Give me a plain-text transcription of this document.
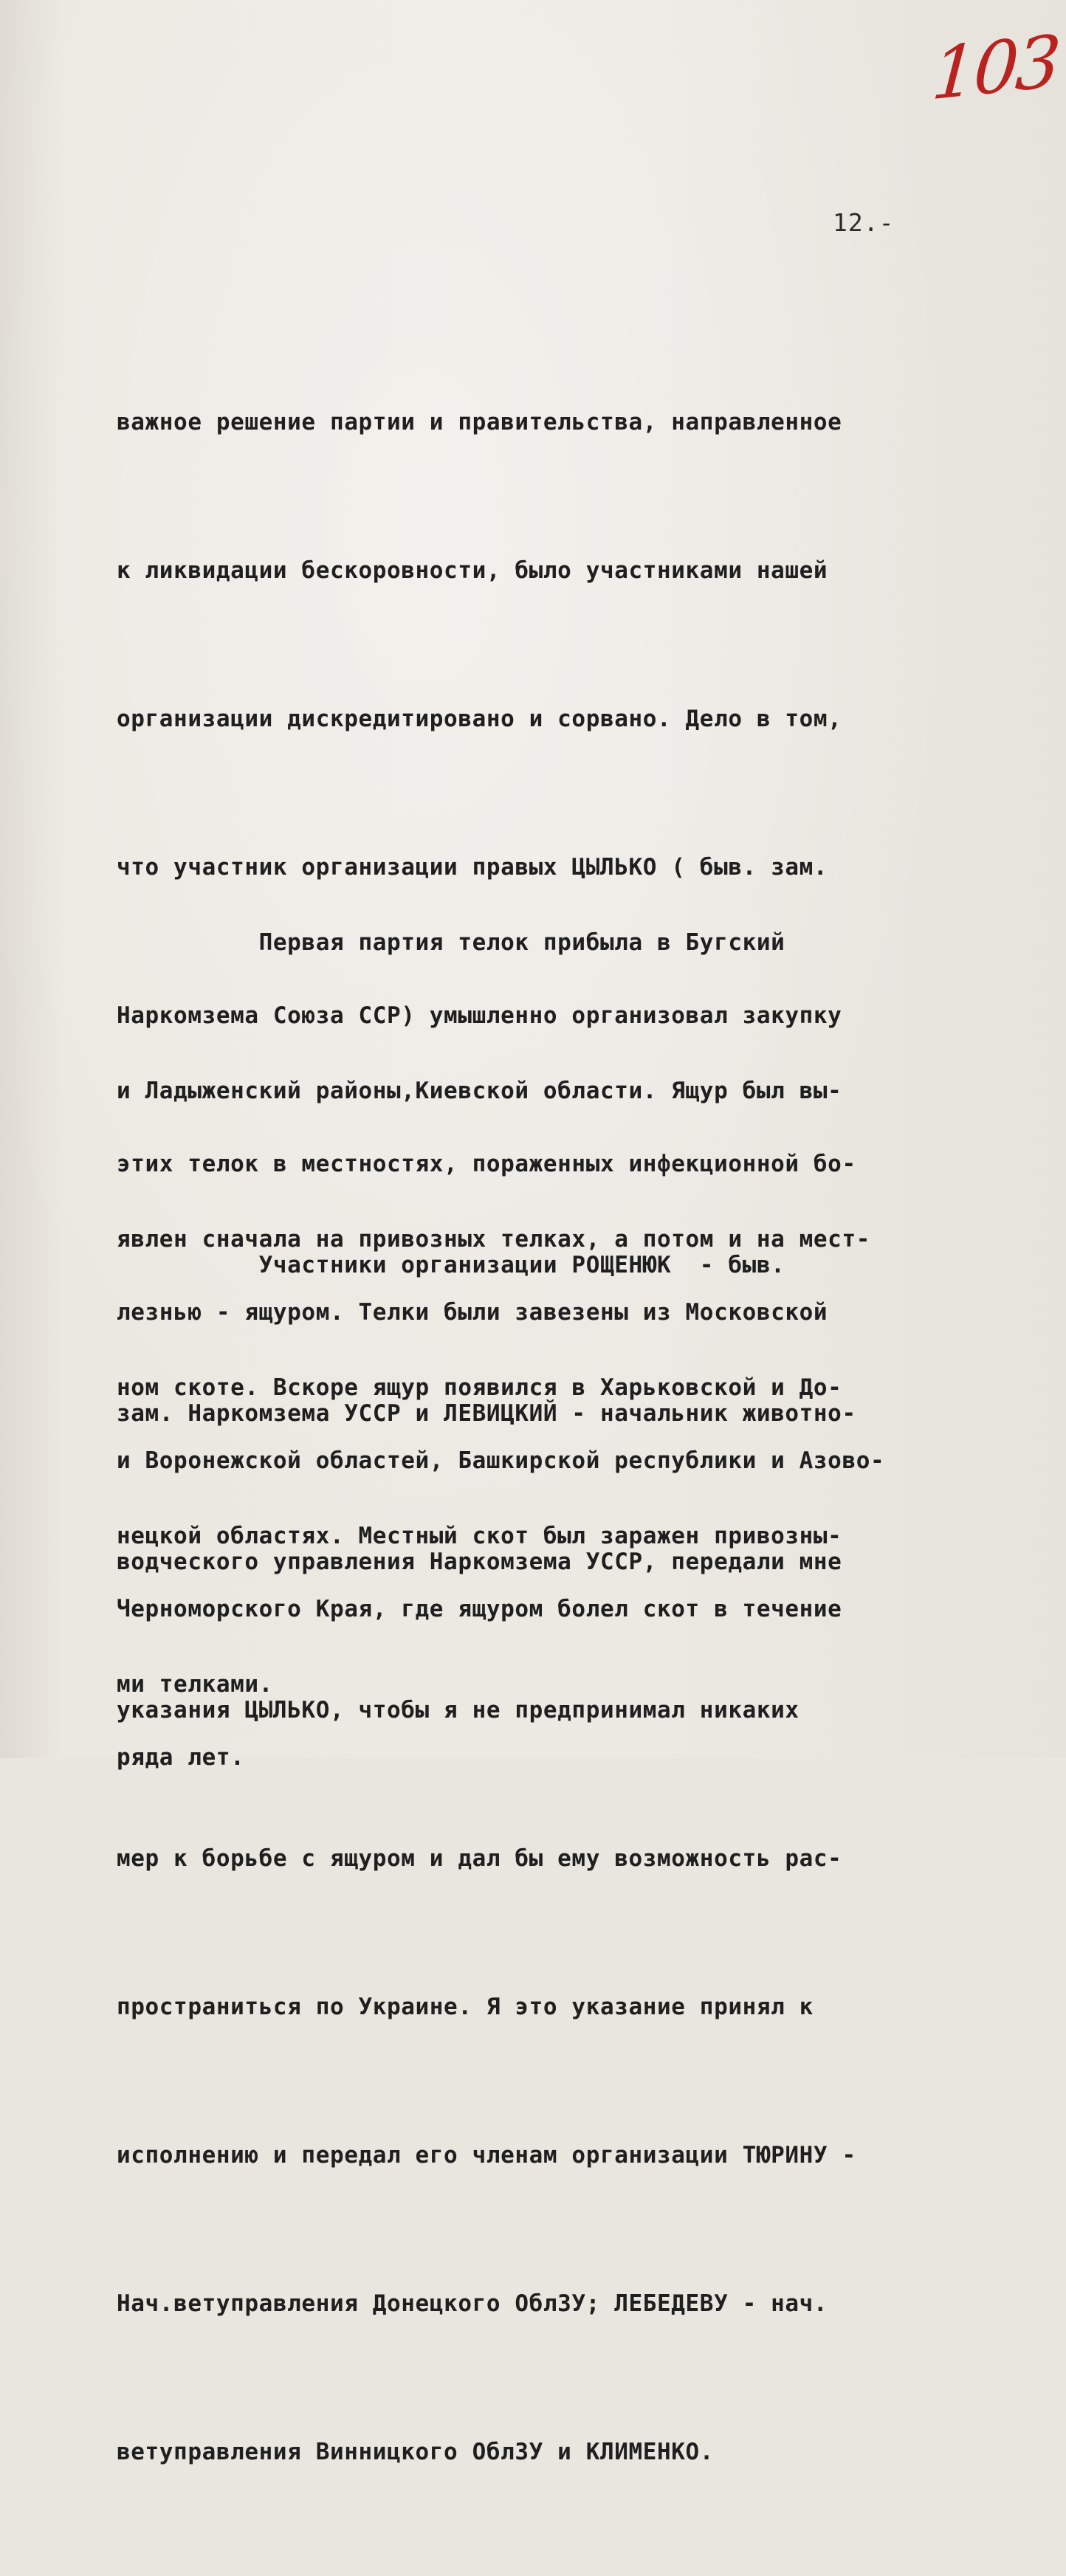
103
12.-

важное решение партии и правительства, направленное

к ликвидации бескоровности, было участниками нашей

организации дискредитировано и сорвано. Дело в том,

что участник организации правых ЦЫЛЬКО ( быв. зам.

Наркомзема Союза ССР) умышленно организовал закупку

этих телок в местностях, пораженных инфекционной бо-

лезнью - ящуром. Телки были завезены из Московской

и Воронежской областей, Башкирской республики и Азово-

Черноморского Края, где ящуром болел скот в течение

ряда лет.

Первая партия телок прибыла в Бугский

и Ладыженский районы,Киевской области. Ящур был вы-

явлен сначала на привозных телках, а потом и на мест-

ном скоте. Вскоре ящур появился в Харьковской и До-

нецкой областях. Местный скот был заражен привозны-

ми телками.

Участники организации РОЩЕНЮК  - быв.

зам. Наркомзема УССР и ЛЕВИЦКИЙ - начальник животно-

водческого управления Наркомзема УССР, передали мне

указания ЦЫЛЬКО, чтобы я не предпринимал никаких

мер к борьбе с ящуром и дал бы ему возможность рас-

пространиться по Украине. Я это указание принял к

исполнению и передал его членам организации ТЮРИНУ -

Нач.ветуправления Донецкого ОблЗУ; ЛЕБЕДЕВУ - нач.

ветуправления Винницкого ОблЗУ и КЛИМЕНКО.
